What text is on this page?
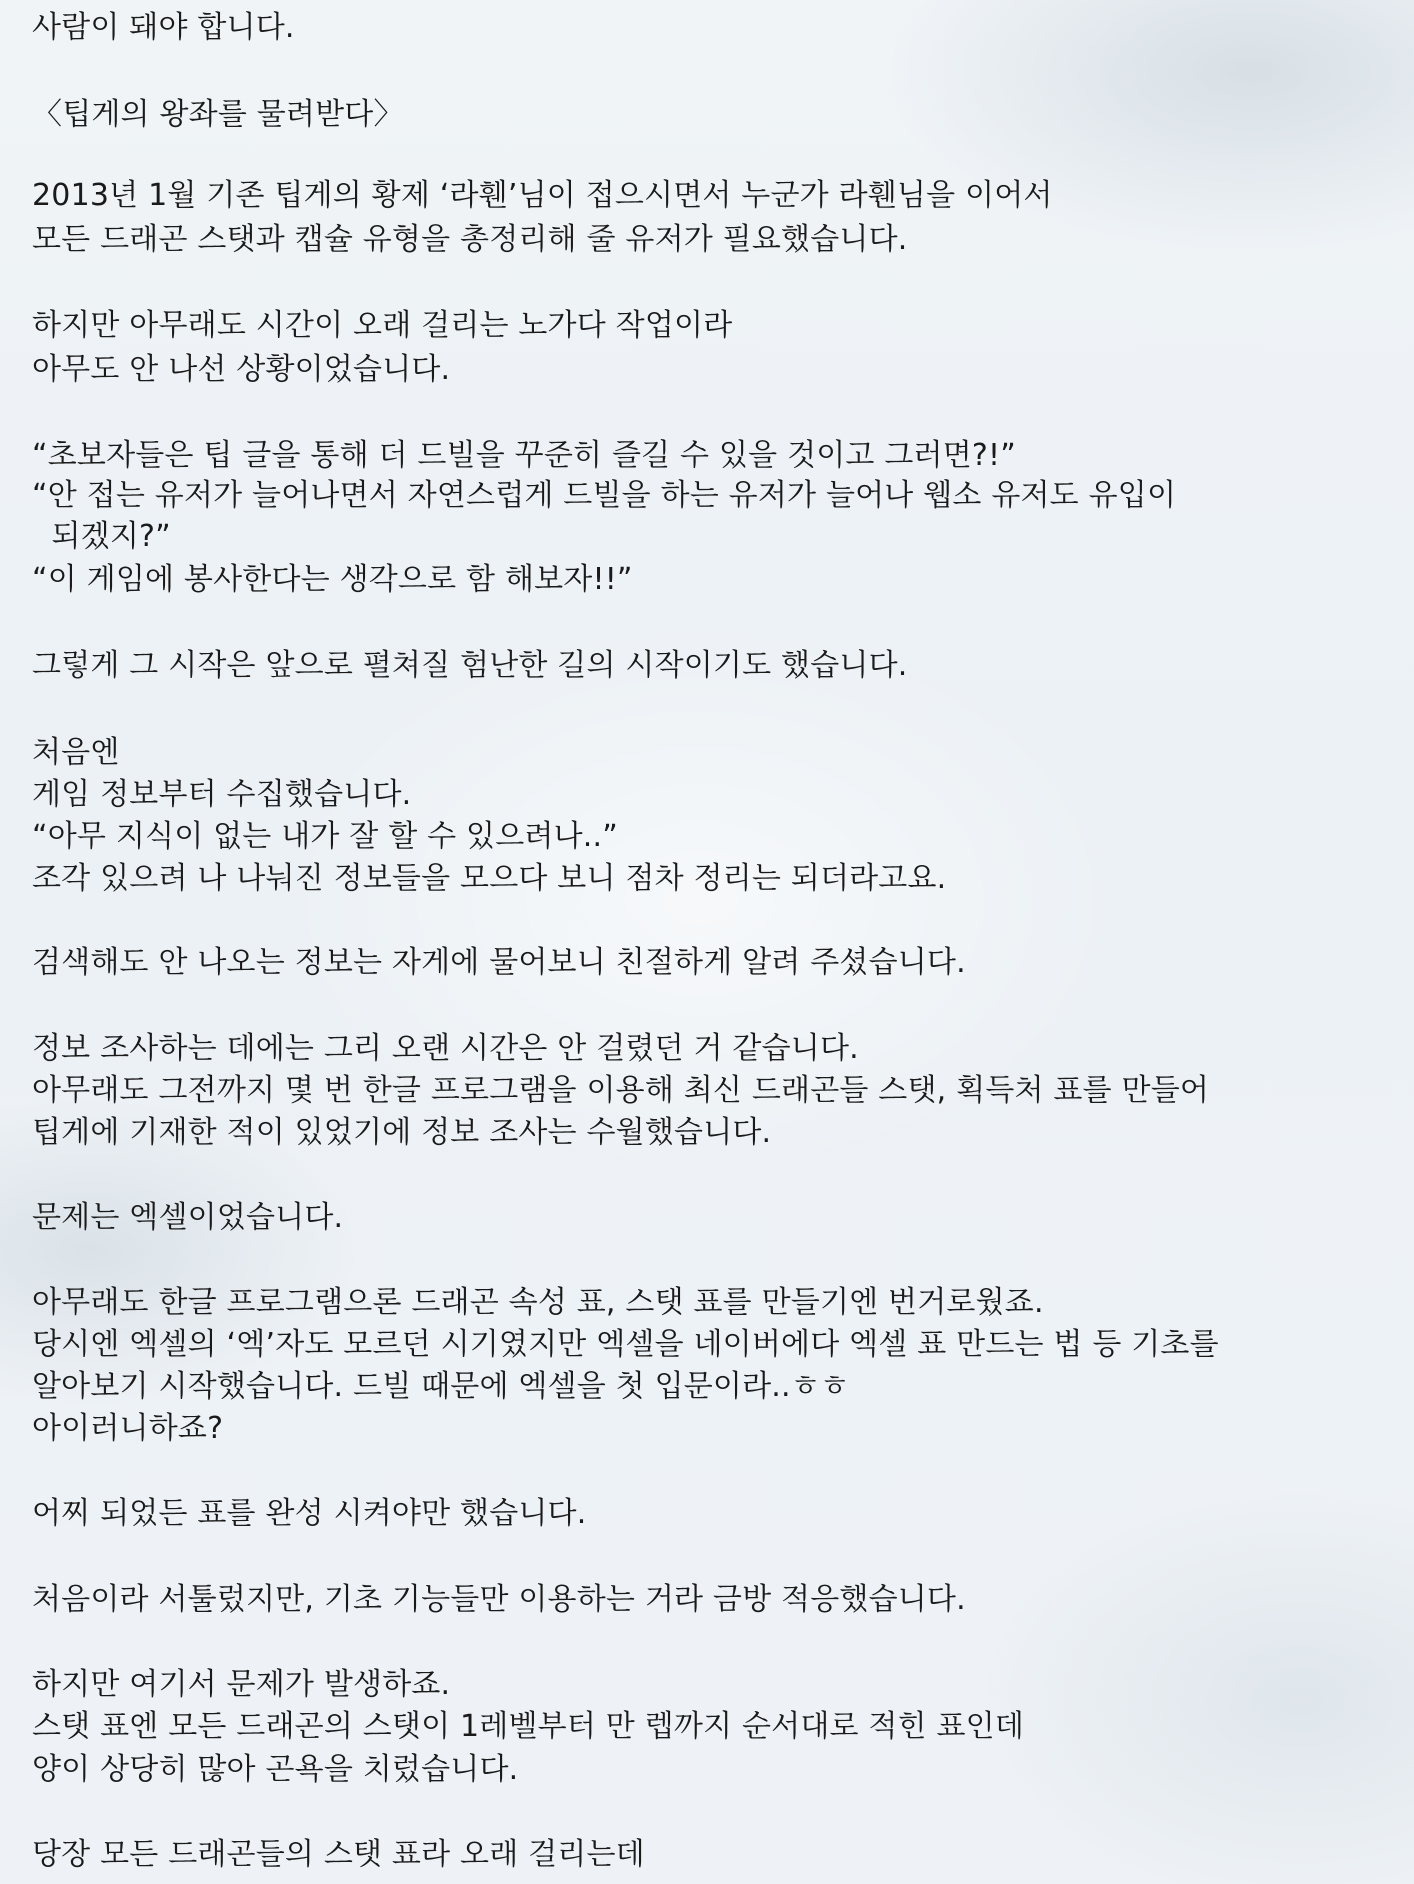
사람이 돼야 합니다.

〈팁게의 왕좌를 물려받다〉

2013년 1월 기존 팁게의 황제 ‘라휀’님이 접으시면서 누군가 라휀님을 이어서

모든 드래곤 스탯과 캡슐 유형을 총정리해 줄 유저가 필요했습니다.

하지만 아무래도 시간이 오래 걸리는 노가다 작업이라

아무도 안 나선 상황이었습니다.

“초보자들은 팁 글을 통해 더 드빌을 꾸준히 즐길 수 있을 것이고 그러면?!”

“안 접는 유저가 늘어나면서 자연스럽게 드빌을 하는 유저가 늘어나 웹소 유저도 유입이

되겠지?”

“이 게임에 봉사한다는 생각으로 함 해보자!!”

그렇게 그 시작은 앞으로 펼쳐질 험난한 길의 시작이기도 했습니다.

처음엔

게임 정보부터 수집했습니다.

“아무 지식이 없는 내가 잘 할 수 있으려나..”

조각 있으려 나 나눠진 정보들을 모으다 보니 점차 정리는 되더라고요.

검색해도 안 나오는 정보는 자게에 물어보니 친절하게 알려 주셨습니다.

정보 조사하는 데에는 그리 오랜 시간은 안 걸렸던 거 같습니다.

아무래도 그전까지 몇 번 한글 프로그램을 이용해 최신 드래곤들 스탯, 획득처 표를 만들어

팁게에 기재한 적이 있었기에 정보 조사는 수월했습니다.

문제는 엑셀이었습니다.

아무래도 한글 프로그램으론 드래곤 속성 표, 스탯 표를 만들기엔 번거로웠죠.

당시엔 엑셀의 ‘엑’자도 모르던 시기였지만 엑셀을 네이버에다 엑셀 표 만드는 법 등 기초를

알아보기 시작했습니다. 드빌 때문에 엑셀을 첫 입문이라..ㅎㅎ

아이러니하죠?

어찌 되었든 표를 완성 시켜야만 했습니다.

처음이라 서툴렀지만, 기초 기능들만 이용하는 거라 금방 적응했습니다.

하지만 여기서 문제가 발생하죠.

스탯 표엔 모든 드래곤의 스탯이 1레벨부터 만 렙까지 순서대로 적힌 표인데

양이 상당히 많아 곤욕을 치렀습니다.

당장 모든 드래곤들의 스탯 표라 오래 걸리는데
